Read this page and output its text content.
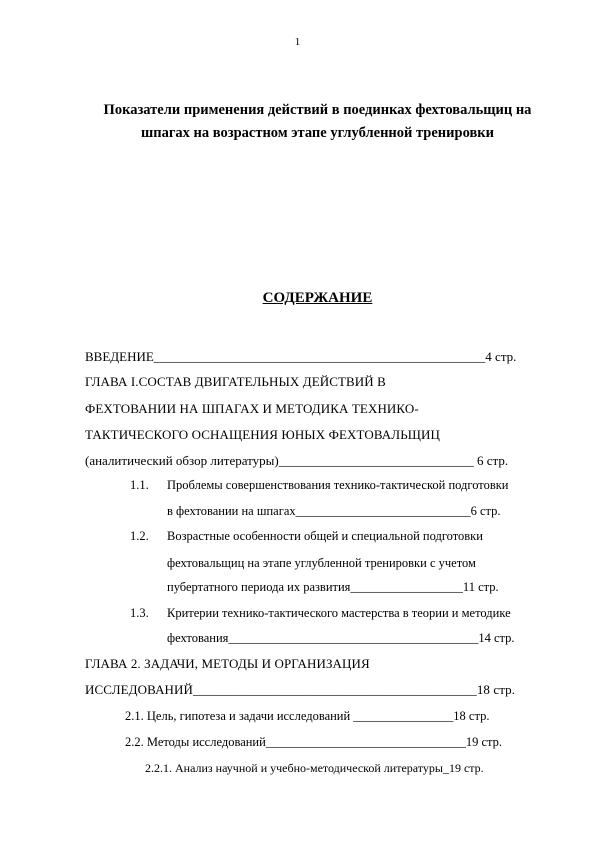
1
Показатели применения действий в поединках фехтовальщиц на
шпагах на возрастном этапе углубленной тренировки
СОДЕРЖАНИЕ
ВВЕДЕНИЕ___________________________________________________4 стр.
ГЛАВА I.СОСТАВ ДВИГАТЕЛЬНЫХ ДЕЙСТВИЙ В
ФЕХТОВАНИИ НА ШПАГАХ И МЕТОДИКА ТЕХНИКО-
ТАКТИЧЕСКОГО ОСНАЩЕНИЯ ЮНЫХ ФЕХТОВАЛЬЩИЦ
(аналитический обзор литературы)______________________________ 6 стр.
1.1. Проблемы совершенствования технико-тактической подготовки
в фехтовании на шпагах____________________________6 стр.
1.2. Возрастные особенности общей и специальной подготовки
фехтовальщиц на этапе углубленной тренировки с учетом
пубертатного периода их развития__________________11 стр.
1.3. Критерии технико-тактического мастерства в теории и методике
фехтования________________________________________14 стр.
ГЛАВА 2. ЗАДАЧИ, МЕТОДЫ И ОРГАНИЗАЦИЯ
ИССЛЕДОВАНИЙ___________________________________________18 стр.
2.1. Цель, гипотеза и задачи исследований ________________18 стр.
2.2. Методы исследований________________________________19 стр.
2.2.1. Анализ научной и учебно-методической литературы_19 стр.
